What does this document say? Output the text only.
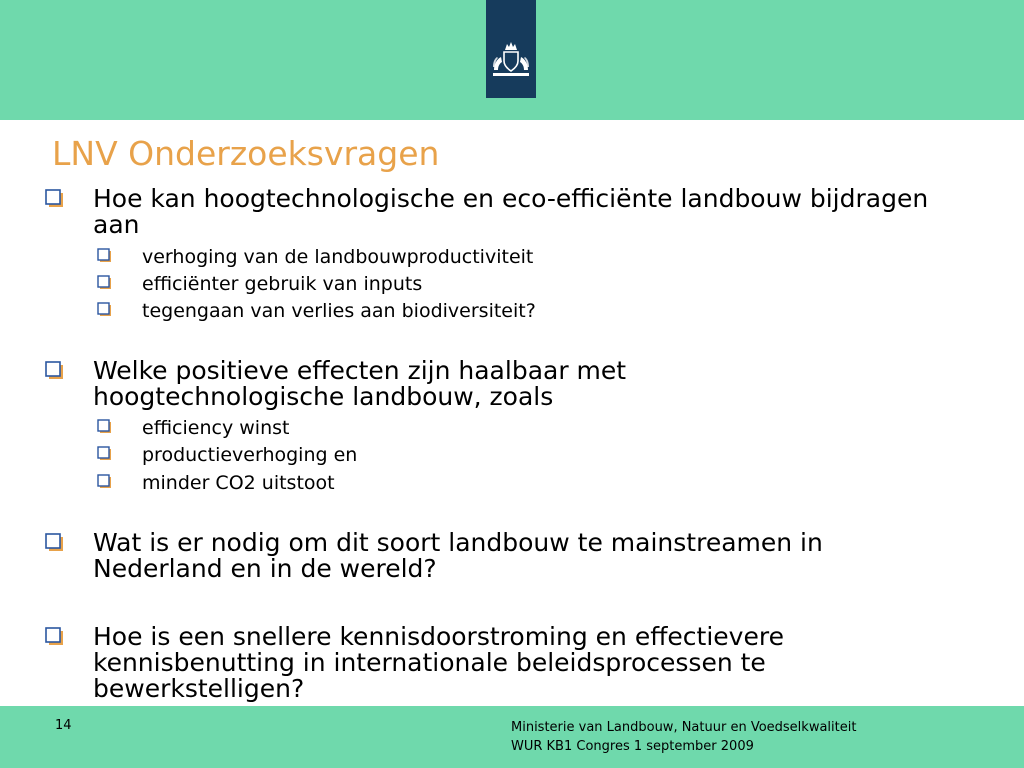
LNV Onderzoeksvragen
Hoe kan hoogtechnologische en eco-efficiënte landbouw bijdragen aan
verhoging van de landbouwproductiviteit
efficiënter gebruik van inputs
tegengaan van verlies aan biodiversiteit?
Welke positieve effecten zijn haalbaar met hoogtechnologische landbouw, zoals
efficiency winst
productieverhoging en
minder CO2 uitstoot
Wat is er nodig om dit soort landbouw te mainstreamen in Nederland en in de wereld?
Hoe is een snellere kennisdoorstroming en effectievere kennisbenutting in internationale beleidsprocessen te bewerkstelligen?
14	Ministerie van Landbouw, Natuur en Voedselkwaliteit
WUR KB1 Congres 1 september 2009
